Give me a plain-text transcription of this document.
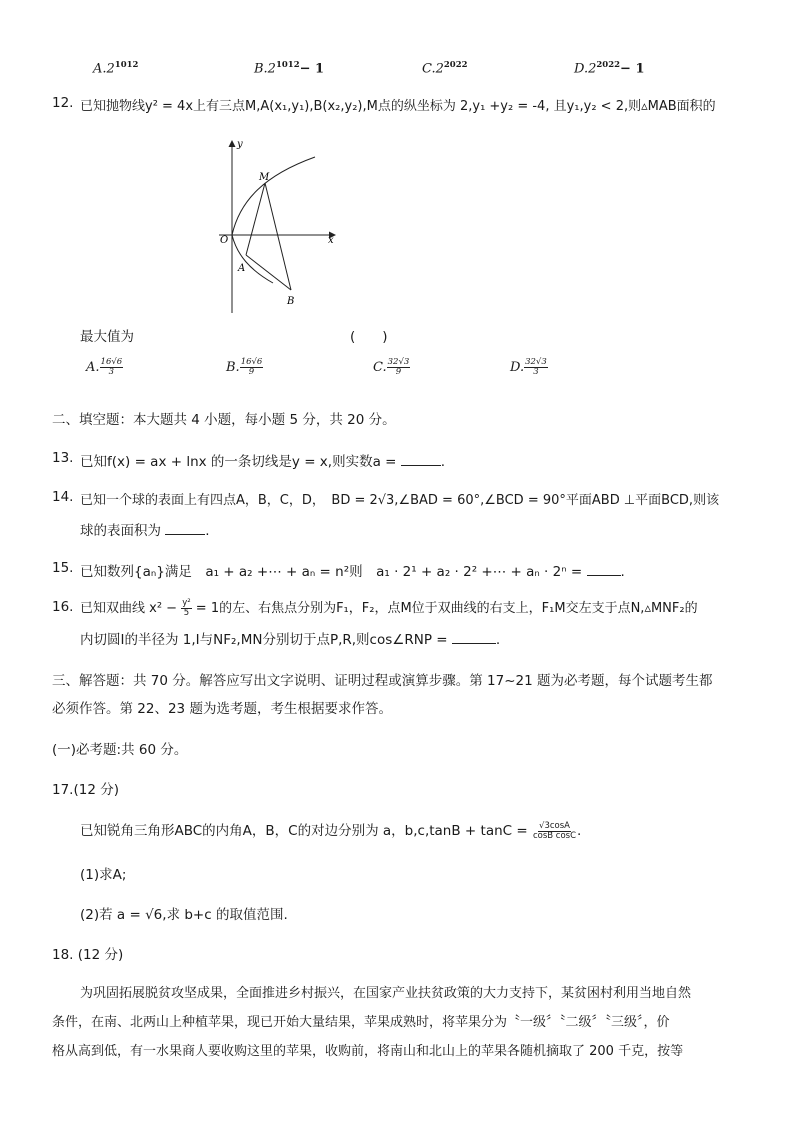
$A.2^{1012}$	$B.2^{1012}- 1$	$C.2^{2022}$	$D.2^{2022}- 1$
12. 已知抛物线y² = 4x上有三点M,A(x₁,y₁),B(x₂,y₂),M点的纵坐标为 2,y₁ +y₂ = -4, 且y₁,y₂ < 2,则▵MAB面积的
y
x
O
M
A
B
最大值为	(　　)
A. $\frac{16√6}{3}$	B. $\frac{16√6}{9}$	C. $\frac{32√3}{9}$	D. $\frac{32√3}{3}$
二、填空题：本大题共 4 小题，每小题 5 分，共 20 分。
13. 已知f(x) = ax + lnx 的一条切线是y = x,则实数a =	.
14. 已知一个球的表面上有四点A，B，C，D，　BD = 2√3,∠BAD = 60°,∠BCD = 90°平面ABD ⊥平面BCD,则该
球的表面积为	.
15. 已知数列{aₙ}满足　a₁ + a₂ +⋯ + aₙ = n²则　a₁ · 2¹ + a₂ · 2² +⋯ + aₙ · 2ⁿ =	.
16. 已知双曲线 $x^2 - \frac{\text{y²}}{5} = 1$的左、右焦点分别为F₁，F₂，点M位于双曲线的右支上，F₁M交左支于点N,▵MNF₂的
内切圆I的半径为 1,I与NF₂,MN分别切于点P,R,则cos∠RNP =	.
三、解答题：共 70 分。解答应写出文字说明、证明过程或演算步骤。第 17~21 题为必考题，每个试题考生都
必须作答。第 22、23 题为选考题，考生根据要求作答。
(一)必考题:共 60 分。
17.(12 分)
已知锐角三角形ABC的内角A，B，C的对边分别为 a，$b,c,\tan B + \tan C = \frac{√3\cos A}{\text{cosB cosC}}$ .
(1)求A;
(2)若 a = √6,求 b+c 的取值范围.
18. (12 分)
为巩固拓展脱贫攻坚成果，全面推进乡村振兴，在国家产业扶贫政策的大力支持下，某贫困村利用当地自然
条件，在南、北两山上种植苹果，现已开始大量结果，苹果成熟时，将苹果分为〝一级〞〝二级〞〝三级〞，价
格从高到低，有一水果商人要收购这里的苹果，收购前，将南山和北山上的苹果各随机摘取了 200 千克，按等
